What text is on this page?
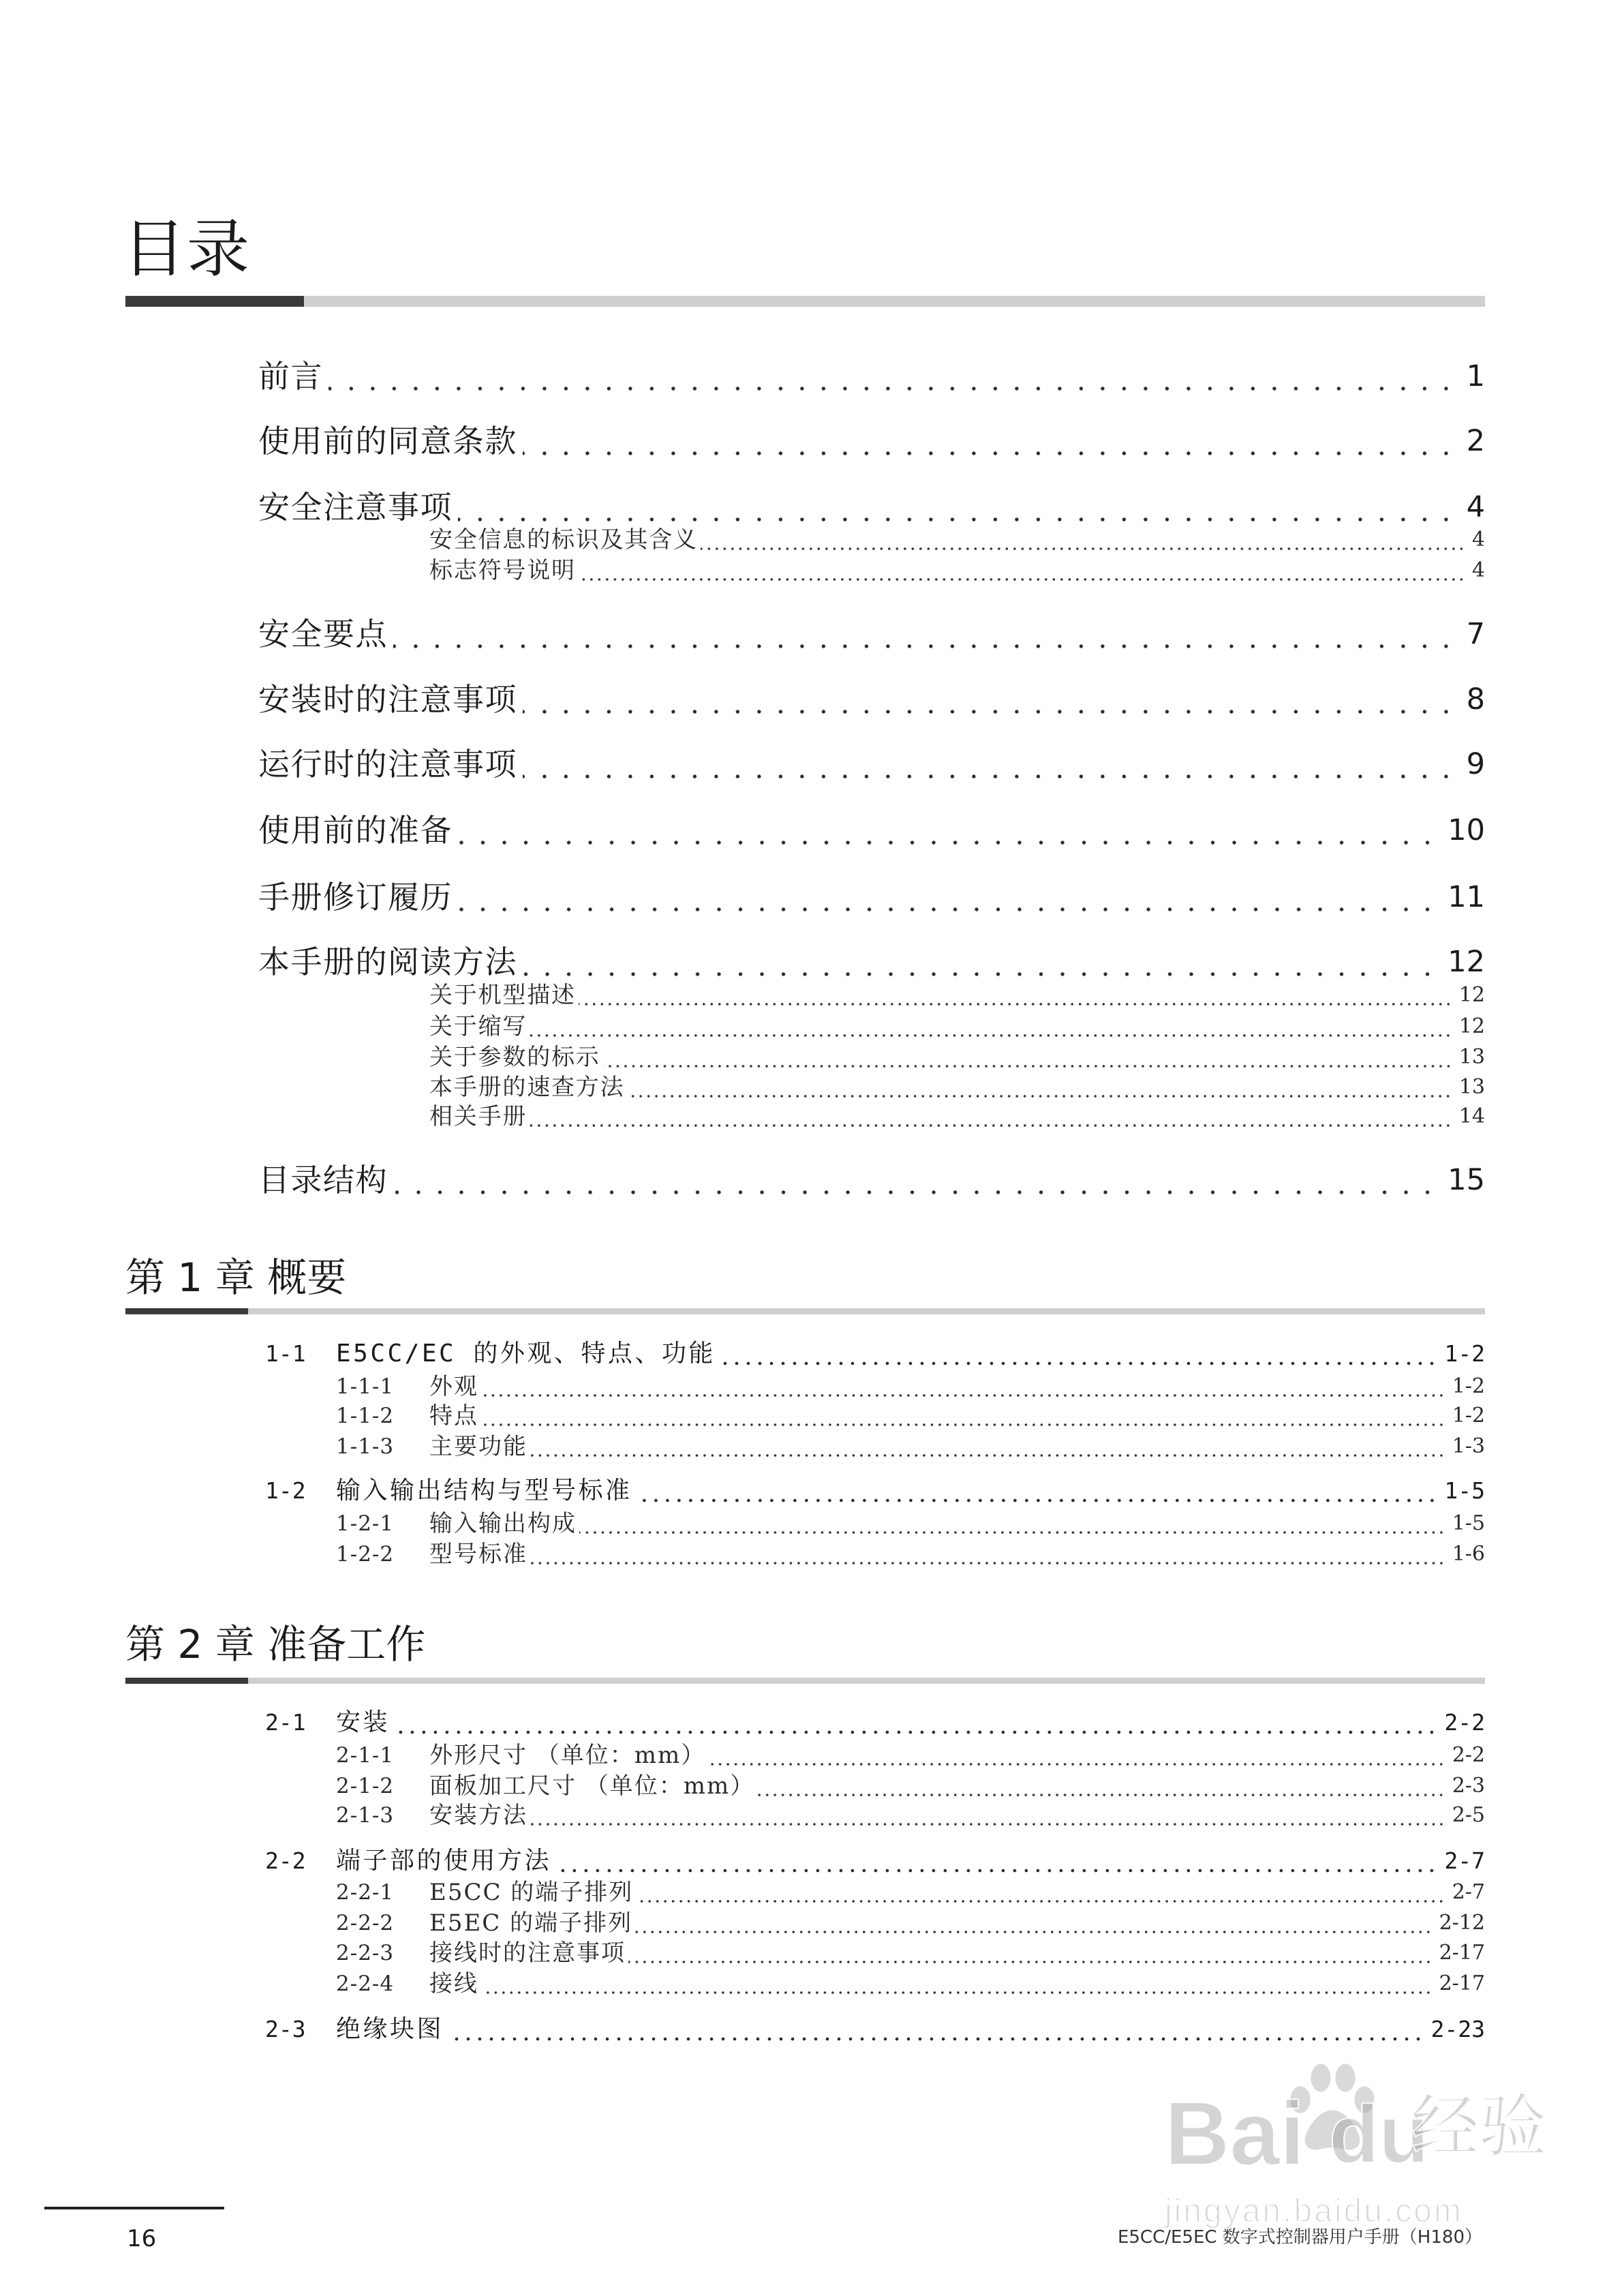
目录
前言	1
使用前的同意条款	2
安全注意事项	4
安全信息的标识及其含义	4
标志符号说明	4
安全要点	7
安装时的注意事项	8
运行时的注意事项	9
使用前的准备	10
手册修订履历	11
本手册的阅读方法	12
关于机型描述	12
关于缩写	12
关于参数的标示	13
本手册的速查方法	13
相关手册	14
目录结构	15
第 1 章 概要
1-1	E5CC/EC 的外观、特点、功能	1-2
1-1-1	外观	1-2
1-1-2	特点	1-2
1-1-3	主要功能	1-3
1-2	输入输出结构与型号标准	1-5
1-2-1	输入输出构成	1-5
1-2-2	型号标准	1-6
第 2 章 准备工作
2-1	安装	2-2
2-1-1	外形尺寸 （单位：mm）	2-2
2-1-2	面板加工尺寸 （单位：mm）	2-3
2-1-3	安装方法	2-5
2-2	端子部的使用方法	2-7
2-2-1	E5CC 的端子排列	2-7
2-2-2	E5EC 的端子排列	2-12
2-2-3	接线时的注意事项	2-17
2-2-4	接线	2-17
2-3	绝缘块图	2-23
16	E5CC/E5EC 数字式控制器用户手册（H180）
Bai du
经验
jingyan.baidu.com
